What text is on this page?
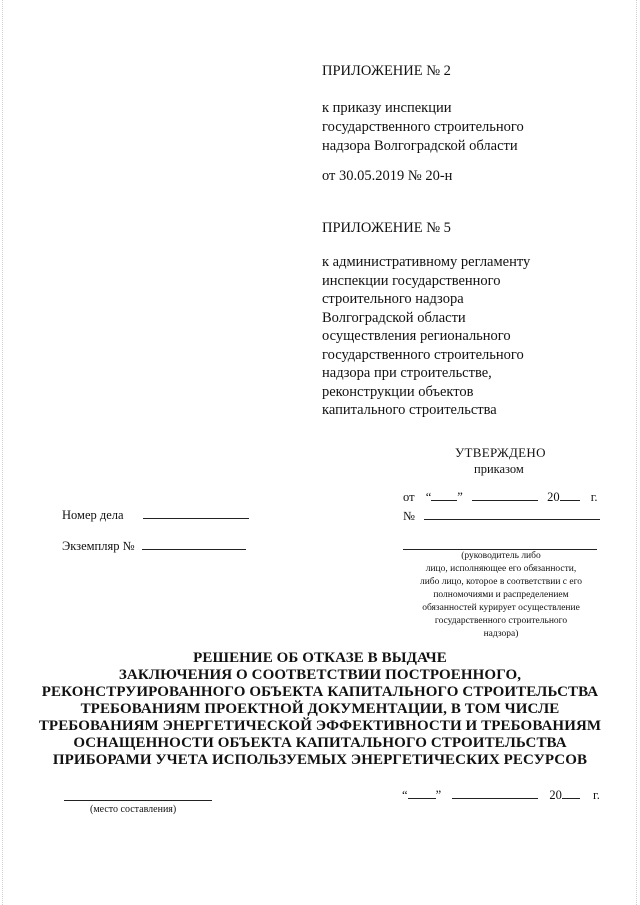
ПРИЛОЖЕНИЕ № 2
к приказу инспекции
государственного строительного
надзора Волгоградской области
от 30.05.2019 № 20-н
ПРИЛОЖЕНИЕ № 5
к административному регламенту
инспекции государственного
строительного надзора
Волгоградской области
осуществления регионального
государственного строительного
надзора при строительстве,
реконструкции объектов
капитального строительства
УТВЕРЖДЕНО
приказом
от “ ”	20 г.
№
(руководитель либо
лицо, исполняющее его обязанности,
либо лицо, которое в соответствии с его
полномочиями и распределением
обязанностей курирует осуществление
государственного строительного
надзора)
Номер дела
Экземпляр №
РЕШЕНИЕ ОБ ОТКАЗЕ В ВЫДАЧЕ
ЗАКЛЮЧЕНИЯ О СООТВЕТСТВИИ ПОСТРОЕННОГО,
РЕКОНСТРУИРОВАННОГО ОБЪЕКТА КАПИТАЛЬНОГО СТРОИТЕЛЬСТВА
ТРЕБОВАНИЯМ ПРОЕКТНОЙ ДОКУМЕНТАЦИИ, В ТОМ ЧИСЛЕ
ТРЕБОВАНИЯМ ЭНЕРГЕТИЧЕСКОЙ ЭФФЕКТИВНОСТИ И ТРЕБОВАНИЯМ
ОСНАЩЕННОСТИ ОБЪЕКТА КАПИТАЛЬНОГО СТРОИТЕЛЬСТВА
ПРИБОРАМИ УЧЕТА ИСПОЛЬЗУЕМЫХ ЭНЕРГЕТИЧЕСКИХ РЕСУРСОВ
(место составления)
“ ”	20 г.
